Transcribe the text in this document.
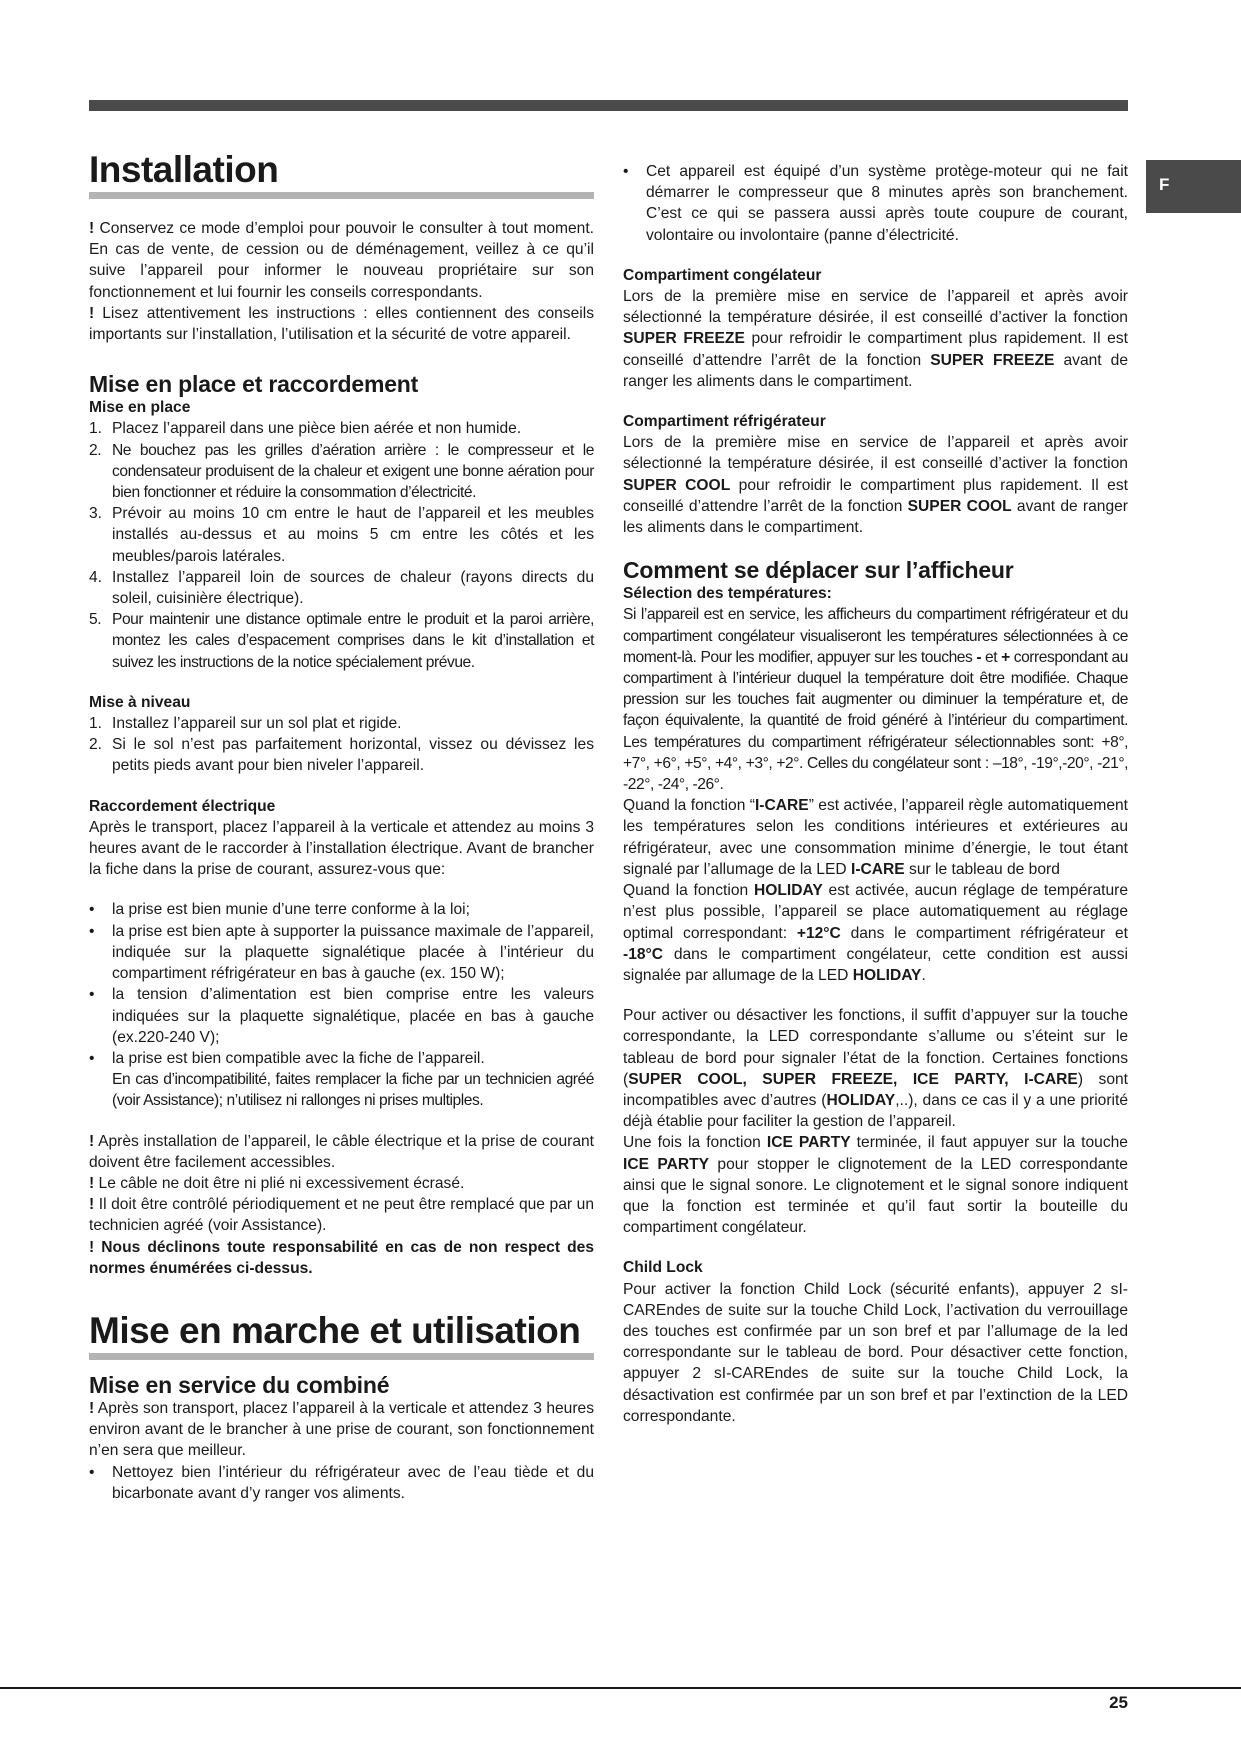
F
Installation

! Conservez ce mode d’emploi pour pouvoir le consulter à tout moment. En cas de vente, de cession ou de déménagement, veillez à ce qu’il suive l’appareil pour informer le nouveau propriétaire sur son fonctionnement et lui fournir les conseils correspondants.

! Lisez attentivement les instructions : elles contiennent des conseils importants sur l’installation, l’utilisation et la sécurité de votre appareil.

Mise en place et raccordement
Mise en place
1. Placez l’appareil dans une pièce bien aérée et non humide.
2. Ne bouchez pas les grilles d’aération arrière : le compresseur et le condensateur produisent de la chaleur et exigent une bonne aération pour bien fonctionner et réduire la consommation d’électricité.
3. Prévoir au moins 10 cm entre le haut de l’appareil et les meubles installés au-dessus et au moins 5 cm entre les côtés et les meubles/parois latérales.
4. Installez l’appareil loin de sources de chaleur (rayons directs du soleil, cuisinière électrique).
5. Pour maintenir une distance optimale entre le produit et la paroi arrière, montez les cales d’espacement comprises dans le kit d’installation et suivez les instructions de la notice spécialement prévue.
Mise à niveau
1. Installez l’appareil sur un sol plat et rigide.
2. Si le sol n’est pas parfaitement horizontal, vissez ou dévissez les petits pieds avant pour bien niveler l’appareil.
Raccordement électrique

Après le transport, placez l’appareil à la verticale et attendez au moins 3 heures avant de le raccorder à l’installation électrique. Avant de brancher la fiche dans la prise de courant, assurez-vous que:

• la prise est bien munie d’une terre conforme à la loi;
• la prise est bien apte à supporter la puissance maximale de l’appareil, indiquée sur la plaquette signalétique placée à l’intérieur du compartiment réfrigérateur en bas à gauche (ex. 150 W);
• la tension d’alimentation est bien comprise entre les valeurs indiquées sur la plaquette signalétique, placée en bas à gauche (ex.220-240 V);
• la prise est bien compatible avec la fiche de l’appareil.
En cas d’incompatibilité, faites remplacer la fiche par un technicien agréé (voir Assistance); n’utilisez ni rallonges ni prises multiples.

! Après installation de l’appareil, le câble électrique et la prise de courant doivent être facilement accessibles.

! Le câble ne doit être ni plié ni excessivement écrasé.

! Il doit être contrôlé périodiquement et ne peut être remplacé que par un technicien agréé (voir Assistance).

! Nous déclinons toute responsabilité en cas de non respect des normes énumérées ci-dessus.

Mise en marche et utilisation
Mise en service du combiné

! Après son transport, placez l’appareil à la verticale et attendez 3 heures environ avant de le brancher à une prise de courant, son fonctionnement n’en sera que meilleur.

• Nettoyez bien l’intérieur du réfrigérateur avec de l’eau tiède et du bicarbonate avant d’y ranger vos aliments.
• Cet appareil est équipé d’un système protège-moteur qui ne fait démarrer le compresseur que 8 minutes après son branchement. C’est ce qui se passera aussi après toute coupure de courant, volontaire ou involontaire (panne d’électricité.
Compartiment congélateur

Lors de la première mise en service de l’appareil et après avoir sélectionné la température désirée, il est conseillé d’activer la fonction SUPER FREEZE pour refroidir le compartiment plus rapidement. Il est conseillé d’attendre l’arrêt de la fonction SUPER FREEZE avant de ranger les aliments dans le compartiment.

Compartiment réfrigérateur

Lors de la première mise en service de l’appareil et après avoir sélectionné la température désirée, il est conseillé d’activer la fonction SUPER COOL pour refroidir le compartiment plus rapidement. Il est conseillé d’attendre l’arrêt de la fonction SUPER COOL avant de ranger les aliments dans le compartiment.

Comment se déplacer sur l’afficheur
Sélection des températures:

Si l’appareil est en service, les afficheurs du compartiment réfrigérateur et du compartiment congélateur visualiseront les températures sélectionnées à ce moment-là. Pour les modifier, appuyer sur les touches - et + correspondant au compartiment à l’intérieur duquel la température doit être modifiée. Chaque pression sur les touches fait augmenter ou diminuer la température et, de façon équivalente, la quantité de froid généré à l’intérieur du compartiment. Les températures du compartiment réfrigérateur sélectionnables sont: +8°, +7°, +6°, +5°, +4°, +3°, +2°. Celles du congélateur sont : –18°, -19°,-20°, -21°, -22°, -24°, -26°.

Quand la fonction “I-CARE” est activée, l’appareil règle automatiquement les températures selon les conditions intérieures et extérieures au réfrigérateur, avec une consommation minime d’énergie, le tout étant signalé par l’allumage de la LED I-CARE sur le tableau de bord

Quand la fonction HOLIDAY est activée, aucun réglage de température n’est plus possible, l’appareil se place automatiquement au réglage optimal correspondant: +12°C dans le compartiment réfrigérateur et -18°C dans le compartiment congélateur, cette condition est aussi signalée par allumage de la LED HOLIDAY.

Pour activer ou désactiver les fonctions, il suffit d’appuyer sur la touche correspondante, la LED correspondante s’allume ou s’éteint sur le tableau de bord pour signaler l’état de la fonction. Certaines fonctions (SUPER COOL, SUPER FREEZE, ICE PARTY, I-CARE) sont incompatibles avec d’autres (HOLIDAY,..), dans ce cas il y a une priorité déjà établie pour faciliter la gestion de l’appareil.

Une fois la fonction ICE PARTY terminée, il faut appuyer sur la touche ICE PARTY pour stopper le clignotement de la LED correspondante ainsi que le signal sonore. Le clignotement et le signal sonore indiquent que la fonction est terminée et qu’il faut sortir la bouteille du compartiment congélateur.

Child Lock

Pour activer la fonction Child Lock (sécurité enfants), appuyer 2 sI-CAREndes de suite sur la touche Child Lock, l’activation du verrouillage des touches est confirmée par un son bref et par l’allumage de la led correspondante sur le tableau de bord. Pour désactiver cette fonction, appuyer 2 sI-CAREndes de suite sur la touche Child Lock, la désactivation est confirmée par un son bref et par l’extinction de la LED correspondante.

25
